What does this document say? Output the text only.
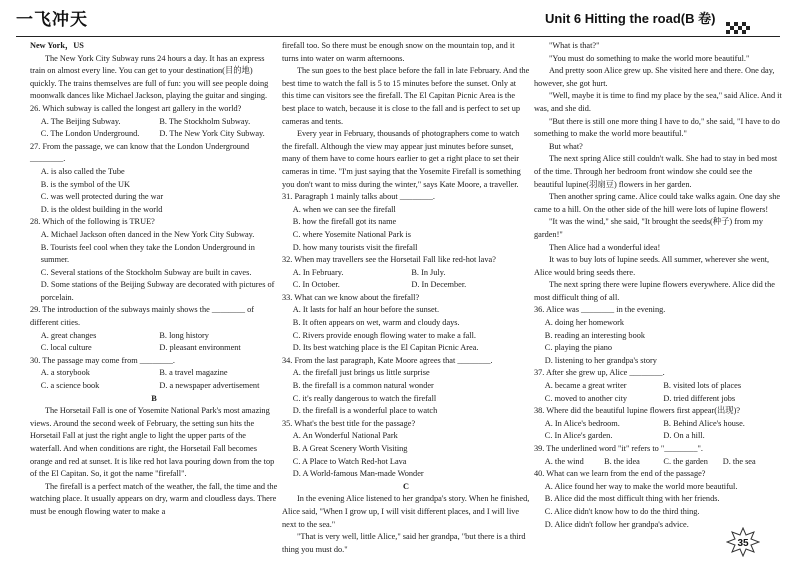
一飞冲天	Unit 6 Hitting the road(B 卷)

New York，US

The New York City Subway runs 24 hours a day. It has an express train on almost every line. You can get to your destination(目的地) quickly. The trains themselves are full of fun: you will see people doing moonwalk dances like Michael Jackson, playing the guitar and singing.

26. Which subway is called the longest art gallery in the world?

A. The Beijing Subway.	B. The Stockholm Subway.

C. The London Underground.	D. The New York City Subway.

27. From the passage, we can know that the London Underground ________.

A. is also called the Tube

B. is the symbol of the UK

C. was well protected during the war

D. is the oldest building in the world

28. Which of the following is TRUE?

A. Michael Jackson often danced in the New York City Subway.

B. Tourists feel cool when they take the London Underground in summer.

C. Several stations of the Stockholm Subway are built in caves.

D. Some stations of the Beijing Subway are decorated with pictures of porcelain.

29. The introduction of the subways mainly shows the ________ of different cities.

A. great changes	B. long history

C. local culture	D. pleasant environment

30. The passage may come from ________.

A. a storybook	B. a travel magazine

C. a science book	D. a newspaper advertisement

B

The Horsetail Fall is one of Yosemite National Park's most amazing views. Around the second week of February, the setting sun hits the Horsetail Fall at just the right angle to light the upper parts of the waterfall. And when conditions are right, the Horsetail Fall becomes orange and red at sunset. It is like red hot lava pouring down from the top of the El Capitan. So, it got the name "firefall".

The firefall is a perfect match of the weather, the fall, the time and the watching place. It usually appears on dry, warm and cloudless days. There must be enough flowing water to make a

firefall too. So there must be enough snow on the mountain top, and it turns into water on warm afternoons.

The sun goes to the best place before the fall in late February. And the best time to watch the fall is 5 to 15 minutes before the sunset. Only at this time can visitors see the firefall. The El Capitan Picnic Area is the best place to watch, because it is close to the fall and is perfect to set up cameras and tents.

Every year in February, thousands of photographers come to watch the firefall. Although the view may appear just minutes before sunset, many of them have to come hours earlier to get a right place to set their cameras in time. "I'm just saying that the Yosemite Firefall is something you don't want to miss during the winter," says Kate Moore, a traveller.

31. Paragraph 1 mainly talks about ________.

A. when we can see the firefall

B. how the firefall got its name

C. where Yosemite National Park is

D. how many tourists visit the firefall

32. When may travellers see the Horsetail Fall like red-hot lava?

A. In February.	B. In July.

C. In October.	D. In December.

33. What can we know about the firefall?

A. It lasts for half an hour before the sunset.

B. It often appears on wet, warm and cloudy days.

C. Rivers provide enough flowing water to make a fall.

D. Its best watching place is the El Capitan Picnic Area.

34. From the last paragraph, Kate Moore agrees that ________.

A. the firefall just brings us little surprise

B. the firefall is a common natural wonder

C. it's really dangerous to watch the firefall

D. the firefall is a wonderful place to watch

35. What's the best title for the passage?

A. An Wonderful National Park

B. A Great Scenery Worth Visiting

C. A Place to Watch Red-hot Lava

D. A World-famous Man-made Wonder

C

In the evening Alice listened to her grandpa's story. When he finished, Alice said, "When I grow up, I will visit different places, and I will live next to the sea."

"That is very well, little Alice," said her grandpa, "but there is a third thing you must do."

"What is that?"

"You must do something to make the world more beautiful."

And pretty soon Alice grew up. She visited here and there. One day, however, she got hurt.

"Well, maybe it is time to find my place by the sea," said Alice. And it was, and she did.

"But there is still one more thing I have to do," she said, "I have to do something to make the world more beautiful."

But what?

The next spring Alice still couldn't walk. She had to stay in bed most of the time. Through her bedroom front window she could see the beautiful lupine(羽扇豆) flowers in her garden.

Then another spring came. Alice could take walks again. One day she came to a hill. On the other side of the hill were lots of lupine flowers!

"It was the wind," she said, "It brought the seeds(种子) from my garden!"

Then Alice had a wonderful idea!

It was to buy lots of lupine seeds. All summer, wherever she went, Alice would bring seeds there.

The next spring there were lupine flowers everywhere. Alice did the most difficult thing of all.

36. Alice was ________ in the evening.

A. doing her homework

B. reading an interesting book

C. playing the piano

D. listening to her grandpa's story

37. After she grew up, Alice ________.

A. became a great writer	B. visited lots of places

C. moved to another city	D. tried different jobs

38. Where did the beautiful lupine flowers first appear(出现)?

A. In Alice's bedroom.	B. Behind Alice's house.

C. In Alice's garden.	D. On a hill.

39. The underlined word "it" refers to "________".

A. the wind	B. the idea	C. the garden	D. the sea

40. What can we learn from the end of the passage?

A. Alice found her way to make the world more beautiful.

B. Alice did the most difficult thing with her friends.

C. Alice didn't know how to do the third thing.

D. Alice didn't follow her grandpa's advice.

35
